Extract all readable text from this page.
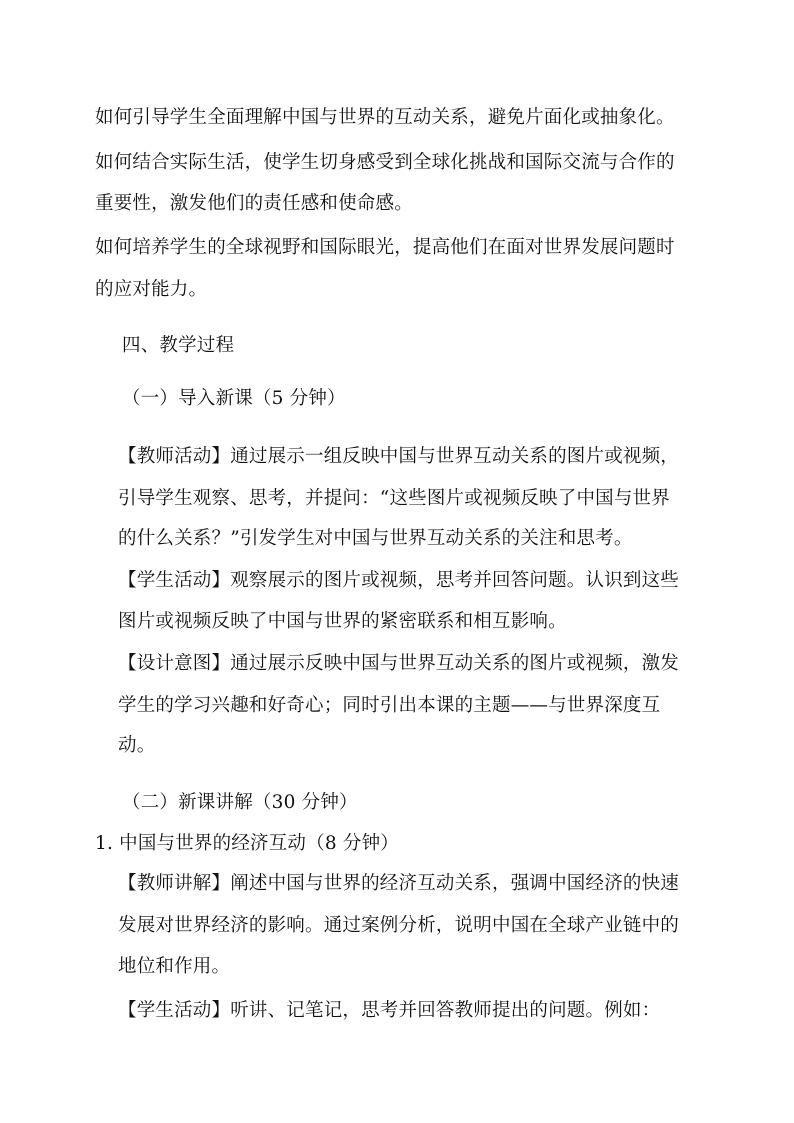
如何引导学生全面理解中国与世界的互动关系，避免片面化或抽象化。
如何结合实际生活，使学生切身感受到全球化挑战和国际交流与合作的
重要性，激发他们的责任感和使命感。
如何培养学生的全球视野和国际眼光，提高他们在面对世界发展问题时
的应对能力。
四、教学过程
（一）导入新课（5 分钟）
【教师活动】通过展示一组反映中国与世界互动关系的图片或视频，
引导学生观察、思考，并提问：“这些图片或视频反映了中国与世界
的什么关系？”引发学生对中国与世界互动关系的关注和思考。
【学生活动】观察展示的图片或视频，思考并回答问题。认识到这些
图片或视频反映了中国与世界的紧密联系和相互影响。
【设计意图】通过展示反映中国与世界互动关系的图片或视频，激发
学生的学习兴趣和好奇心；同时引出本课的主题——与世界深度互
动。
（二）新课讲解（30 分钟）
1. 中国与世界的经济互动（8 分钟）
【教师讲解】阐述中国与世界的经济互动关系，强调中国经济的快速
发展对世界经济的影响。通过案例分析，说明中国在全球产业链中的
地位和作用。
【学生活动】听讲、记笔记，思考并回答教师提出的问题。例如：
